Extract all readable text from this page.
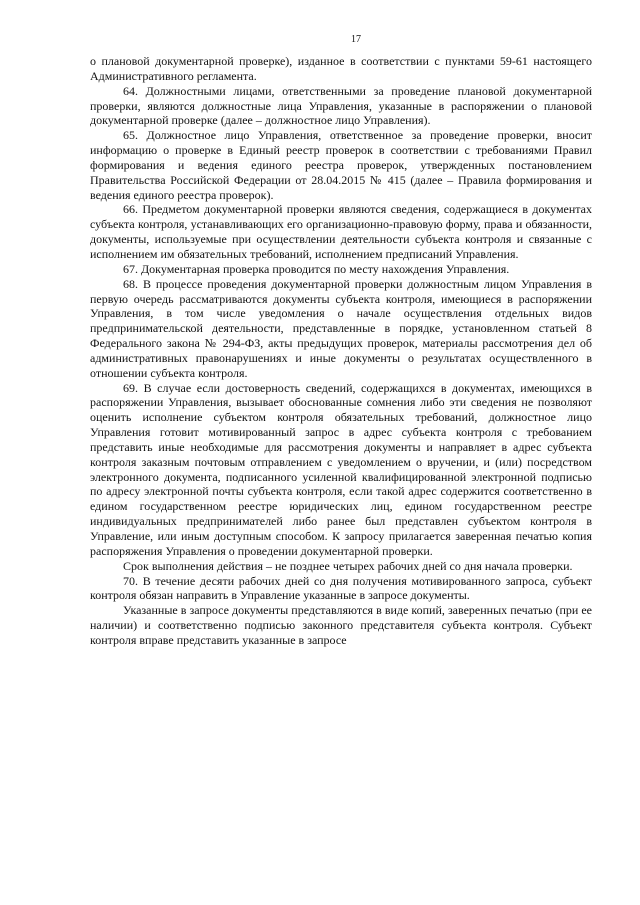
17

о плановой документарной проверке), изданное в соответствии с пунктами 59-61 настоящего Административного регламента.

64. Должностными лицами, ответственными за проведение плановой документарной проверки, являются должностные лица Управления, указанные в распоряжении о плановой документарной проверке (далее – должностное лицо Управления).

65. Должностное лицо Управления, ответственное за проведение проверки, вносит информацию о проверке в Единый реестр проверок в соответствии с требованиями Правил формирования и ведения единого реестра проверок, утвержденных постановлением Правительства Российской Федерации от 28.04.2015 № 415 (далее – Правила формирования и ведения единого реестра проверок).

66. Предметом документарной проверки являются сведения, содержащиеся в документах субъекта контроля, устанавливающих его организационно-правовую форму, права и обязанности, документы, используемые при осуществлении деятельности субъекта контроля и связанные с исполнением им обязательных требований, исполнением предписаний Управления.

67. Документарная проверка проводится по месту нахождения Управления.

68. В процессе проведения документарной проверки должностным лицом Управления в первую очередь рассматриваются документы субъекта контроля, имеющиеся в распоряжении Управления, в том числе уведомления о начале осуществления отдельных видов предпринимательской деятельности, представленные в порядке, установленном статьей 8 Федерального закона № 294-ФЗ, акты предыдущих проверок, материалы рассмотрения дел об административных правонарушениях и иные документы о результатах осуществленного в отношении субъекта контроля.

69. В случае если достоверность сведений, содержащихся в документах, имеющихся в распоряжении Управления, вызывает обоснованные сомнения либо эти сведения не позволяют оценить исполнение субъектом контроля обязательных требований, должностное лицо Управления готовит мотивированный запрос в адрес субъекта контроля с требованием представить иные необходимые для рассмотрения документы и направляет в адрес субъекта контроля заказным почтовым отправлением с уведомлением о вручении, и (или) посредством электронного документа, подписанного усиленной квалифицированной электронной подписью по адресу электронной почты субъекта контроля, если такой адрес содержится соответственно в едином государственном реестре юридических лиц, едином государственном реестре индивидуальных предпринимателей либо ранее был представлен субъектом контроля в Управление, или иным доступным способом. К запросу прилагается заверенная печатью копия распоряжения Управления о проведении документарной проверки.

Срок выполнения действия – не позднее четырех рабочих дней со дня начала проверки.

70. В течение десяти рабочих дней со дня получения мотивированного запроса, субъект контроля обязан направить в Управление указанные в запросе документы.

Указанные в запросе документы представляются в виде копий, заверенных печатью (при ее наличии) и соответственно подписью законного представителя субъекта контроля. Субъект контроля вправе представить указанные в запросе
